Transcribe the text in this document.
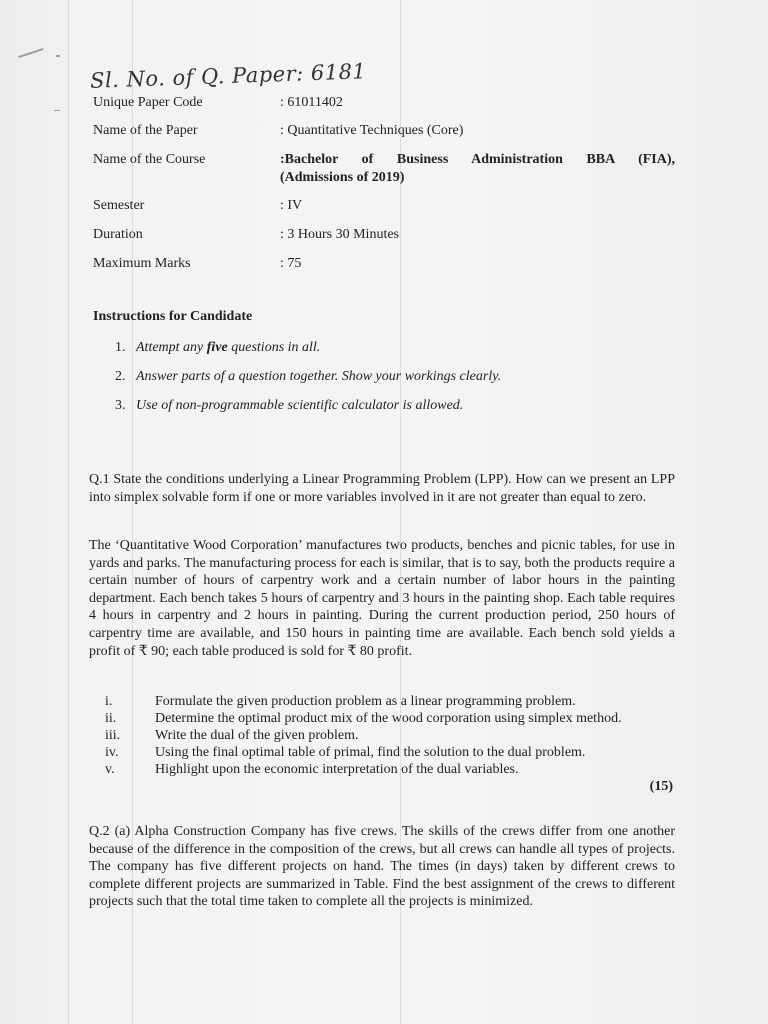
Sl. No. of Q. Paper: 6181
Unique Paper Code	: 61011402
Name of the Paper	: Quantitative Techniques (Core)
Name of the Course	:Bachelor of Business Administration BBA (FIA),
(Admissions of 2019)
Semester	: IV
Duration	: 3 Hours 30 Minutes
Maximum Marks	: 75
Instructions for Candidate
1. Attempt any five questions in all.
2. Answer parts of a question together. Show your workings clearly.
3. Use of non-programmable scientific calculator is allowed.
Q.1 State the conditions underlying a Linear Programming Problem (LPP). How can we present an LPP into simplex solvable form if one or more variables involved in it are not greater than equal to zero.
The ‘Quantitative Wood Corporation’ manufactures two products, benches and picnic tables, for use in yards and parks. The manufacturing process for each is similar, that is to say, both the products require a certain number of hours of carpentry work and a certain number of labor hours in the painting department. Each bench takes 5 hours of carpentry and 3 hours in the painting shop. Each table requires 4 hours in carpentry and 2 hours in painting. During the current production period, 250 hours of carpentry time are available, and 150 hours in painting time are available. Each bench sold yields a profit of ₹ 90; each table produced is sold for ₹ 80 profit.
i.	Formulate the given production problem as a linear programming problem.
ii.	Determine the optimal product mix of the wood corporation using simplex method.
iii. Write the dual of the given problem.
iv.	Using the final optimal table of primal, find the solution to the dual problem.
v.	Highlight upon the economic interpretation of the dual variables.
(15)
Q.2 (a) Alpha Construction Company has five crews. The skills of the crews differ from one another because of the difference in the composition of the crews, but all crews can handle all types of projects. The company has five different projects on hand. The times (in days) taken by different crews to complete different projects are summarized in Table. Find the best assignment of the crews to different projects such that the total time taken to complete all the projects is minimized.
